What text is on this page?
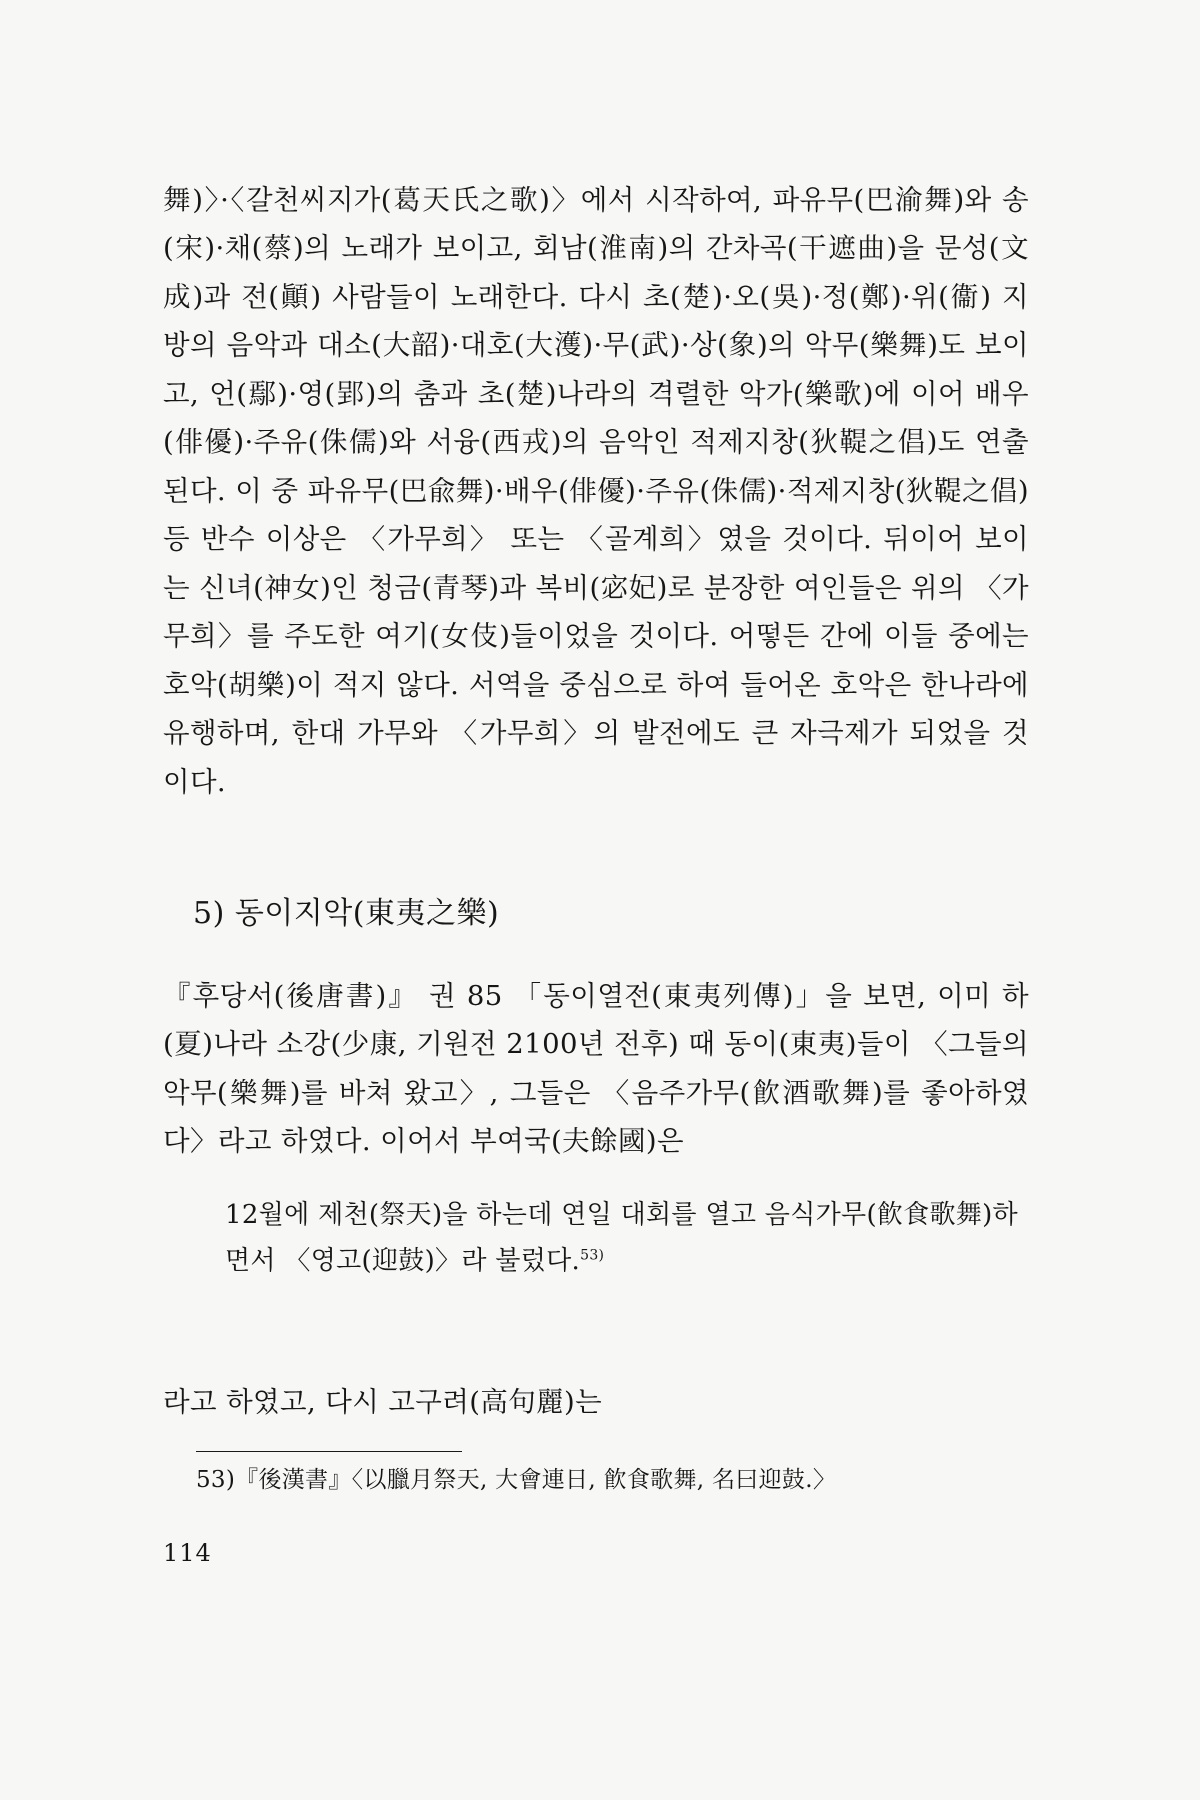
舞)〉·〈갈천씨지가(葛天氏之歌)〉에서 시작하여, 파유무(巴渝舞)와 송(宋)·채(蔡)의 노래가 보이고, 회남(淮南)의 간차곡(干遮曲)을 문성(文成)과 전(顚) 사람들이 노래한다. 다시 초(楚)·오(吳)·정(鄭)·위(衞) 지방의 음악과 대소(大韶)·대호(大濩)·무(武)·상(象)의 악무(樂舞)도 보이고, 언(鄢)·영(郢)의 춤과 초(楚)나라의 격렬한 악가(樂歌)에 이어 배우(俳優)·주유(侏儒)와 서융(西戎)의 음악인 적제지창(狄鞮之倡)도 연출된다. 이 중 파유무(巴兪舞)·배우(俳優)·주유(侏儒)·적제지창(狄鞮之倡) 등 반수 이상은 〈가무희〉 또는 〈골계희〉였을 것이다. 뒤이어 보이는 신녀(神女)인 청금(青琴)과 복비(宓妃)로 분장한 여인들은 위의 〈가무희〉를 주도한 여기(女伎)들이었을 것이다. 어떻든 간에 이들 중에는 호악(胡樂)이 적지 않다. 서역을 중심으로 하여 들어온 호악은 한나라에 유행하며, 한대 가무와 〈가무희〉의 발전에도 큰 자극제가 되었을 것이다.

5) 동이지악(東夷之樂)

『후당서(後唐書)』 권 85 「동이열전(東夷列傳)」을 보면, 이미 하(夏)나라 소강(少康, 기원전 2100년 전후) 때 동이(東夷)들이 〈그들의 악무(樂舞)를 바쳐 왔고〉, 그들은 〈음주가무(飮酒歌舞)를 좋아하였다〉라고 하였다. 이어서 부여국(夫餘國)은

12월에 제천(祭天)을 하는데 연일 대회를 열고 음식가무(飮食歌舞)하면서 〈영고(迎鼓)〉라 불렀다.$^{53)}$

라고 하였고, 다시 고구려(高句麗)는

53)『後漢書』〈以臘月祭天, 大會連日, 飮食歌舞, 名曰迎鼓.〉
114
